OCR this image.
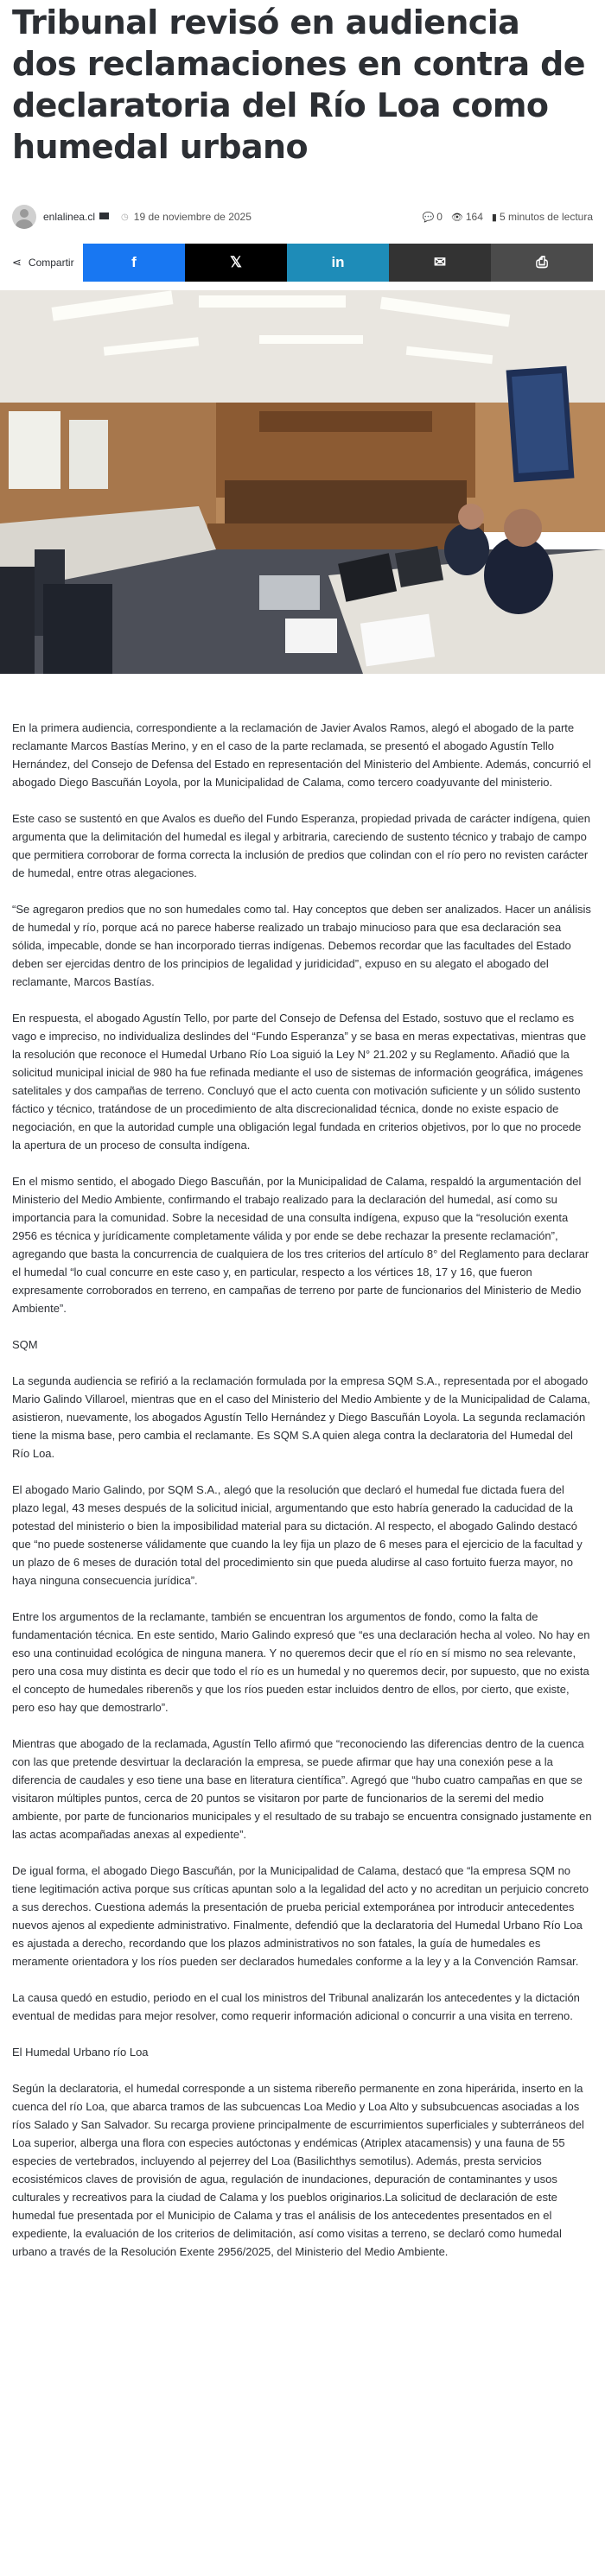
Tribunal revisó en audiencia dos reclamaciones en contra de declaratoria del Río Loa como humedal urbano
enlalinea.cl	◷ 19 de noviembre de 2025	💬 0 👁 164 ▮ 5 minutos de lectura
⋖ Compartir	f	𝕏	in	✉	⎙

En la primera audiencia, correspondiente a la reclamación de Javier Avalos Ramos, alegó el abogado de la parte reclamante Marcos Bastías Merino, y en el caso de la parte reclamada, se presentó el abogado Agustín Tello Hernández, del Consejo de Defensa del Estado en representación del Ministerio del Ambiente. Además, concurrió el abogado Diego Bascuñán Loyola, por la Municipalidad de Calama, como tercero coadyuvante del ministerio.

Este caso se sustentó en que Avalos es dueño del Fundo Esperanza, propiedad privada de carácter indígena, quien argumenta que la delimitación del humedal es ilegal y arbitraria, careciendo de sustento técnico y trabajo de campo que permitiera corroborar de forma correcta la inclusión de predios que colindan con el río pero no revisten carácter de humedal, entre otras alegaciones.

“Se agregaron predios que no son humedales como tal. Hay conceptos que deben ser analizados. Hacer un análisis de humedal y río, porque acá no parece haberse realizado un trabajo minucioso para que esa declaración sea sólida, impecable, donde se han incorporado tierras indígenas. Debemos recordar que las facultades del Estado deben ser ejercidas dentro de los principios de legalidad y juridicidad”, expuso en su alegato el abogado del reclamante, Marcos Bastías.

En respuesta, el abogado Agustín Tello, por parte del Consejo de Defensa del Estado, sostuvo que el reclamo es vago e impreciso, no individualiza deslindes del “Fundo Esperanza” y se basa en meras expectativas, mientras que la resolución que reconoce el Humedal Urbano Río Loa siguió la Ley N° 21.202 y su Reglamento. Añadió que la solicitud municipal inicial de 980 ha fue refinada mediante el uso de sistemas de información geográfica, imágenes satelitales y dos campañas de terreno. Concluyó que el acto cuenta con motivación suficiente y un sólido sustento fáctico y técnico, tratándose de un procedimiento de alta discrecionalidad técnica, donde no existe espacio de negociación, en que la autoridad cumple una obligación legal fundada en criterios objetivos, por lo que no procede la apertura de un proceso de consulta indígena.

En el mismo sentido, el abogado Diego Bascuñán, por la Municipalidad de Calama, respaldó la argumentación del Ministerio del Medio Ambiente, confirmando el trabajo realizado para la declaración del humedal, así como su importancia para la comunidad. Sobre la necesidad de una consulta indígena, expuso que la “resolución exenta 2956 es técnica y jurídicamente completamente válida y por ende se debe rechazar la presente reclamación”, agregando que basta la concurrencia de cualquiera de los tres criterios del artículo 8° del Reglamento para declarar el humedal “lo cual concurre en este caso y, en particular, respecto a los vértices 18, 17 y 16, que fueron expresamente corroborados en terreno, en campañas de terreno por parte de funcionarios del Ministerio de Medio Ambiente”.

SQM

La segunda audiencia se refirió a la reclamación formulada por la empresa SQM S.A., representada por el abogado Mario Galindo Villaroel, mientras que en el caso del Ministerio del Medio Ambiente y de la Municipalidad de Calama, asistieron, nuevamente, los abogados Agustín Tello Hernández y Diego Bascuñán Loyola. La segunda reclamación tiene la misma base, pero cambia el reclamante. Es SQM S.A quien alega contra la declaratoria del Humedal del Río Loa.

El abogado Mario Galindo, por SQM S.A., alegó que la resolución que declaró el humedal fue dictada fuera del plazo legal, 43 meses después de la solicitud inicial, argumentando que esto habría generado la caducidad de la potestad del ministerio o bien la imposibilidad material para su dictación. Al respecto, el abogado Galindo destacó que “no puede sostenerse válidamente que cuando la ley fija un plazo de 6 meses para el ejercicio de la facultad y un plazo de 6 meses de duración total del procedimiento sin que pueda aludirse al caso fortuito fuerza mayor, no haya ninguna consecuencia jurídica”.

Entre los argumentos de la reclamante, también se encuentran los argumentos de fondo, como la falta de fundamentación técnica. En este sentido, Mario Galindo expresó que “es una declaración hecha al voleo. No hay en eso una continuidad ecológica de ninguna manera. Y no queremos decir que el río en sí mismo no sea relevante, pero una cosa muy distinta es decir que todo el río es un humedal y no queremos decir, por supuesto, que no exista el concepto de humedales riberenõs y que los ríos pueden estar incluidos dentro de ellos, por cierto, que existe, pero eso hay que demostrarlo”.

Mientras que abogado de la reclamada, Agustín Tello afirmó que “reconociendo las diferencias dentro de la cuenca con las que pretende desvirtuar la declaración la empresa, se puede afirmar que hay una conexión pese a la diferencia de caudales y eso tiene una base en literatura científica”. Agregó que “hubo cuatro campañas en que se visitaron múltiples puntos, cerca de 20 puntos se visitaron por parte de funcionarios de la seremi del medio ambiente, por parte de funcionarios municipales y el resultado de su trabajo se encuentra consignado justamente en las actas acompañadas anexas al expediente”.

De igual forma, el abogado Diego Bascuñán, por la Municipalidad de Calama, destacó que “la empresa SQM no tiene legitimación activa porque sus críticas apuntan solo a la legalidad del acto y no acreditan un perjuicio concreto a sus derechos. Cuestiona además la presentación de prueba pericial extemporánea por introducir antecedentes nuevos ajenos al expediente administrativo. Finalmente, defendió que la declaratoria del Humedal Urbano Río Loa es ajustada a derecho, recordando que los plazos administrativos no son fatales, la guía de humedales es meramente orientadora y los ríos pueden ser declarados humedales conforme a la ley y a la Convención Ramsar.

La causa quedó en estudio, periodo en el cual los ministros del Tribunal analizarán los antecedentes y la dictación eventual de medidas para mejor resolver, como requerir información adicional o concurrir a una visita en terreno.

El Humedal Urbano río Loa

Según la declaratoria, el humedal corresponde a un sistema ribereño permanente en zona hiperárida, inserto en la cuenca del río Loa, que abarca tramos de las subcuencas Loa Medio y Loa Alto y subsubcuencas asociadas a los ríos Salado y San Salvador. Su recarga proviene principalmente de escurrimientos superficiales y subterráneos del Loa superior, alberga una flora con especies autóctonas y endémicas (Atriplex atacamensis) y una fauna de 55 especies de vertebrados, incluyendo al pejerrey del Loa (Basilichthys semotilus). Además, presta servicios ecosistémicos claves de provisión de agua, regulación de inundaciones, depuración de contaminantes y usos culturales y recreativos para la ciudad de Calama y los pueblos originarios.La solicitud de declaración de este humedal fue presentada por el Municipio de Calama y tras el análisis de los antecedentes presentados en el expediente, la evaluación de los criterios de delimitación, así como visitas a terreno, se declaró como humedal urbano a través de la Resolución Exente 2956/2025, del Ministerio del Medio Ambiente.
